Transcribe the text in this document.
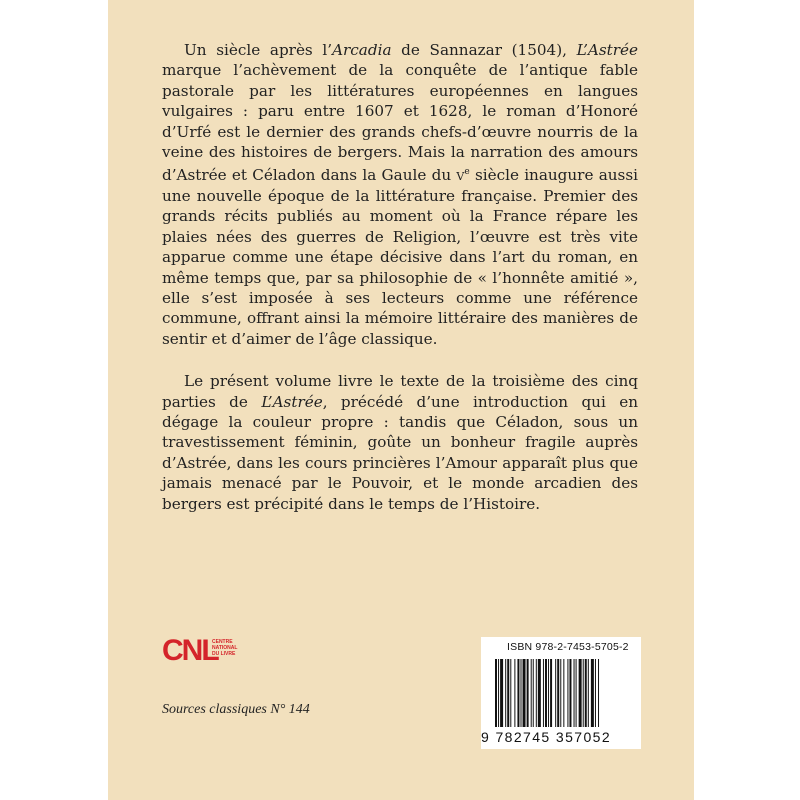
Un siècle après l’Arcadia de Sannazar (1504), L’Astrée marque l’achèvement de la conquête de l’antique fable pastorale par les littératures européennes en langues vulgaires : paru entre 1607 et 1628, le roman d’Honoré d’Urfé est le dernier des grands chefs-d’œuvre nourris de la veine des histoires de bergers. Mais la narration des amours d’Astrée et Céladon dans la Gaule du $v^e$ siècle inaugure aussi une nouvelle époque de la littérature française. Premier des grands récits publiés au moment où la France répare les plaies nées des guerres de Religion, l’œuvre est très vite apparue comme une étape décisive dans l’art du roman, en même temps que, par sa philosophie de « l’honnête amitié », elle s’est imposée à ses lecteurs comme une référence commune, offrant ainsi la mémoire littéraire des manières de sentir et d’aimer de l’âge classique.

Le présent volume livre le texte de la troisième des cinq parties de L’Astrée, précédé d’une introduction qui en dégage la couleur propre : tandis que Céladon, sous un travestissement féminin, goûte un bonheur fragile auprès d’Astrée, dans les cours princières l’Amour apparaît plus que jamais menacé par le Pouvoir, et le monde arcadien des bergers est précipité dans le temps de l’Histoire.

CNL
CENTRE
NATIONAL
DU LIVRE
Sources classiques N° 144
ISBN 978-2-7453-5705-2
9 782745 357052
